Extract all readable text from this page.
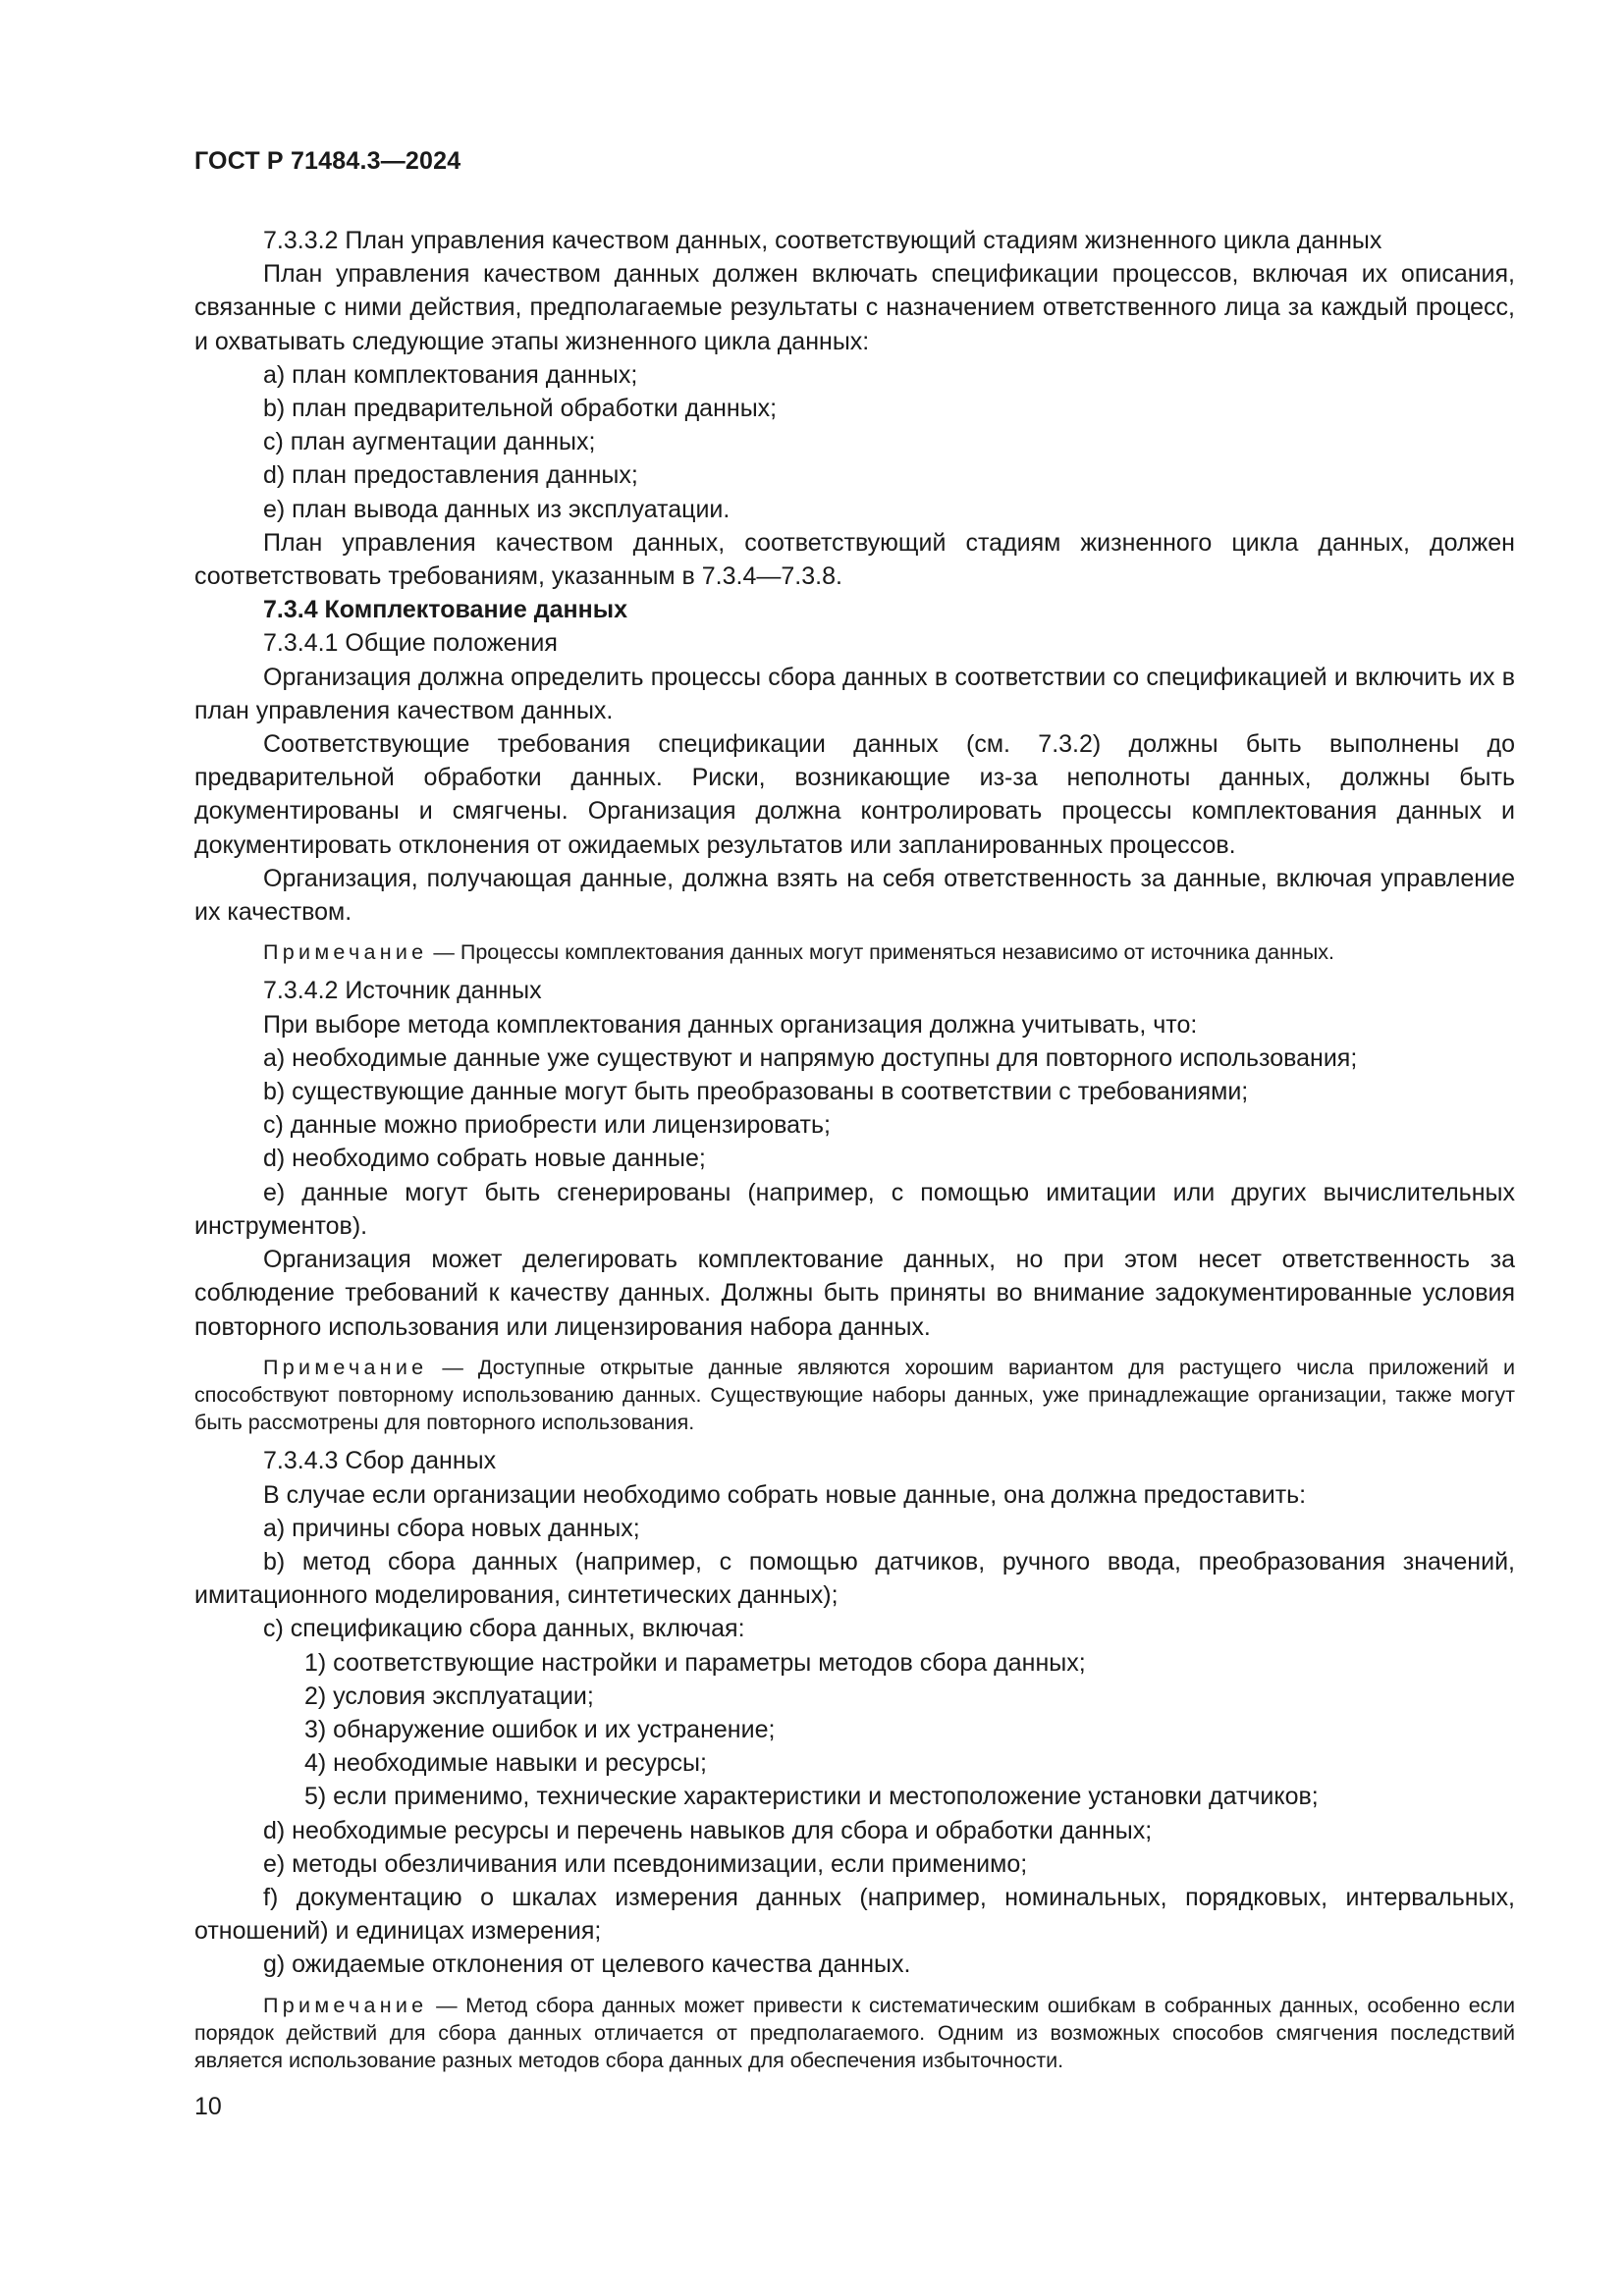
ГОСТ Р 71484.3—2024

7.3.3.2 План управления качеством данных, соответствующий стадиям жизненного цикла данных

План управления качеством данных должен включать спецификации процессов, включая их описания, связанные с ними действия, предполагаемые результаты с назначением ответственного лица за каждый процесс, и охватывать следующие этапы жизненного цикла данных:

a) план комплектования данных;

b) план предварительной обработки данных;

c) план аугментации данных;

d) план предоставления данных;

e) план вывода данных из эксплуатации.

План управления качеством данных, соответствующий стадиям жизненного цикла данных, должен соответствовать требованиям, указанным в 7.3.4—7.3.8.

7.3.4 Комплектование данных

7.3.4.1 Общие положения

Организация должна определить процессы сбора данных в соответствии со спецификацией и включить их в план управления качеством данных.

Соответствующие требования спецификации данных (см. 7.3.2) должны быть выполнены до предварительной обработки данных. Риски, возникающие из-за неполноты данных, должны быть документированы и смягчены. Организация должна контролировать процессы комплектования данных и документировать отклонения от ожидаемых результатов или запланированных процессов.

Организация, получающая данные, должна взять на себя ответственность за данные, включая управление их качеством.

Примечание — Процессы комплектования данных могут применяться независимо от источника данных.

7.3.4.2 Источник данных

При выборе метода комплектования данных организация должна учитывать, что:

a) необходимые данные уже существуют и напрямую доступны для повторного использования;

b) существующие данные могут быть преобразованы в соответствии с требованиями;

c) данные можно приобрести или лицензировать;

d) необходимо собрать новые данные;

e) данные могут быть сгенерированы (например, с помощью имитации или других вычислительных инструментов).

Организация может делегировать комплектование данных, но при этом несет ответственность за соблюдение требований к качеству данных. Должны быть приняты во внимание задокументированные условия повторного использования или лицензирования набора данных.

Примечание — Доступные открытые данные являются хорошим вариантом для растущего числа приложений и способствуют повторному использованию данных. Существующие наборы данных, уже принадлежащие организации, также могут быть рассмотрены для повторного использования.

7.3.4.3 Сбор данных

В случае если организации необходимо собрать новые данные, она должна предоставить:

a) причины сбора новых данных;

b) метод сбора данных (например, с помощью датчиков, ручного ввода, преобразования значений, имитационного моделирования, синтетических данных);

c) спецификацию сбора данных, включая:

1) соответствующие настройки и параметры методов сбора данных;

2) условия эксплуатации;

3) обнаружение ошибок и их устранение;

4) необходимые навыки и ресурсы;

5) если применимо, технические характеристики и местоположение установки датчиков;

d) необходимые ресурсы и перечень навыков для сбора и обработки данных;

e) методы обезличивания или псевдонимизации, если применимо;

f) документацию о шкалах измерения данных (например, номинальных, порядковых, интервальных, отношений) и единицах измерения;

g) ожидаемые отклонения от целевого качества данных.

Примечание — Метод сбора данных может привести к систематическим ошибкам в собранных данных, особенно если порядок действий для сбора данных отличается от предполагаемого. Одним из возможных способов смягчения последствий является использование разных методов сбора данных для обеспечения избыточности.

10
